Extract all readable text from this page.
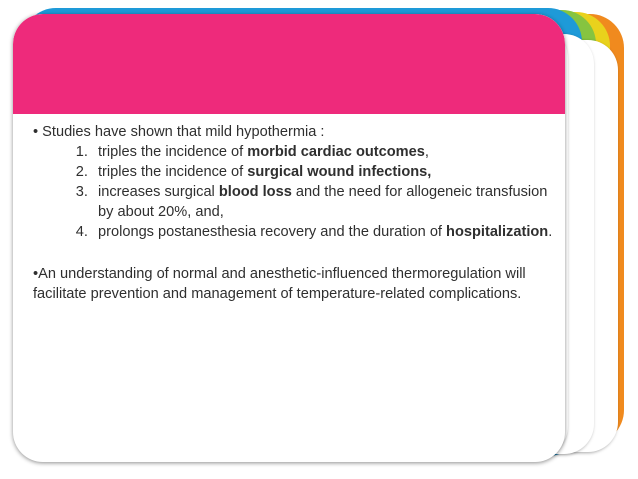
• Studies have shown that mild hypothermia :

1. triples the incidence of morbid cardiac outcomes,
2. triples the incidence of surgical wound infections,
3. increases surgical blood loss and the need for allogeneic transfusion by about 20%, and,
4. prolongs postanesthesia recovery and the duration of hospitalization.

•An understanding of normal and anesthetic-influenced thermoregulation will facilitate prevention and management of temperature-related complications.
